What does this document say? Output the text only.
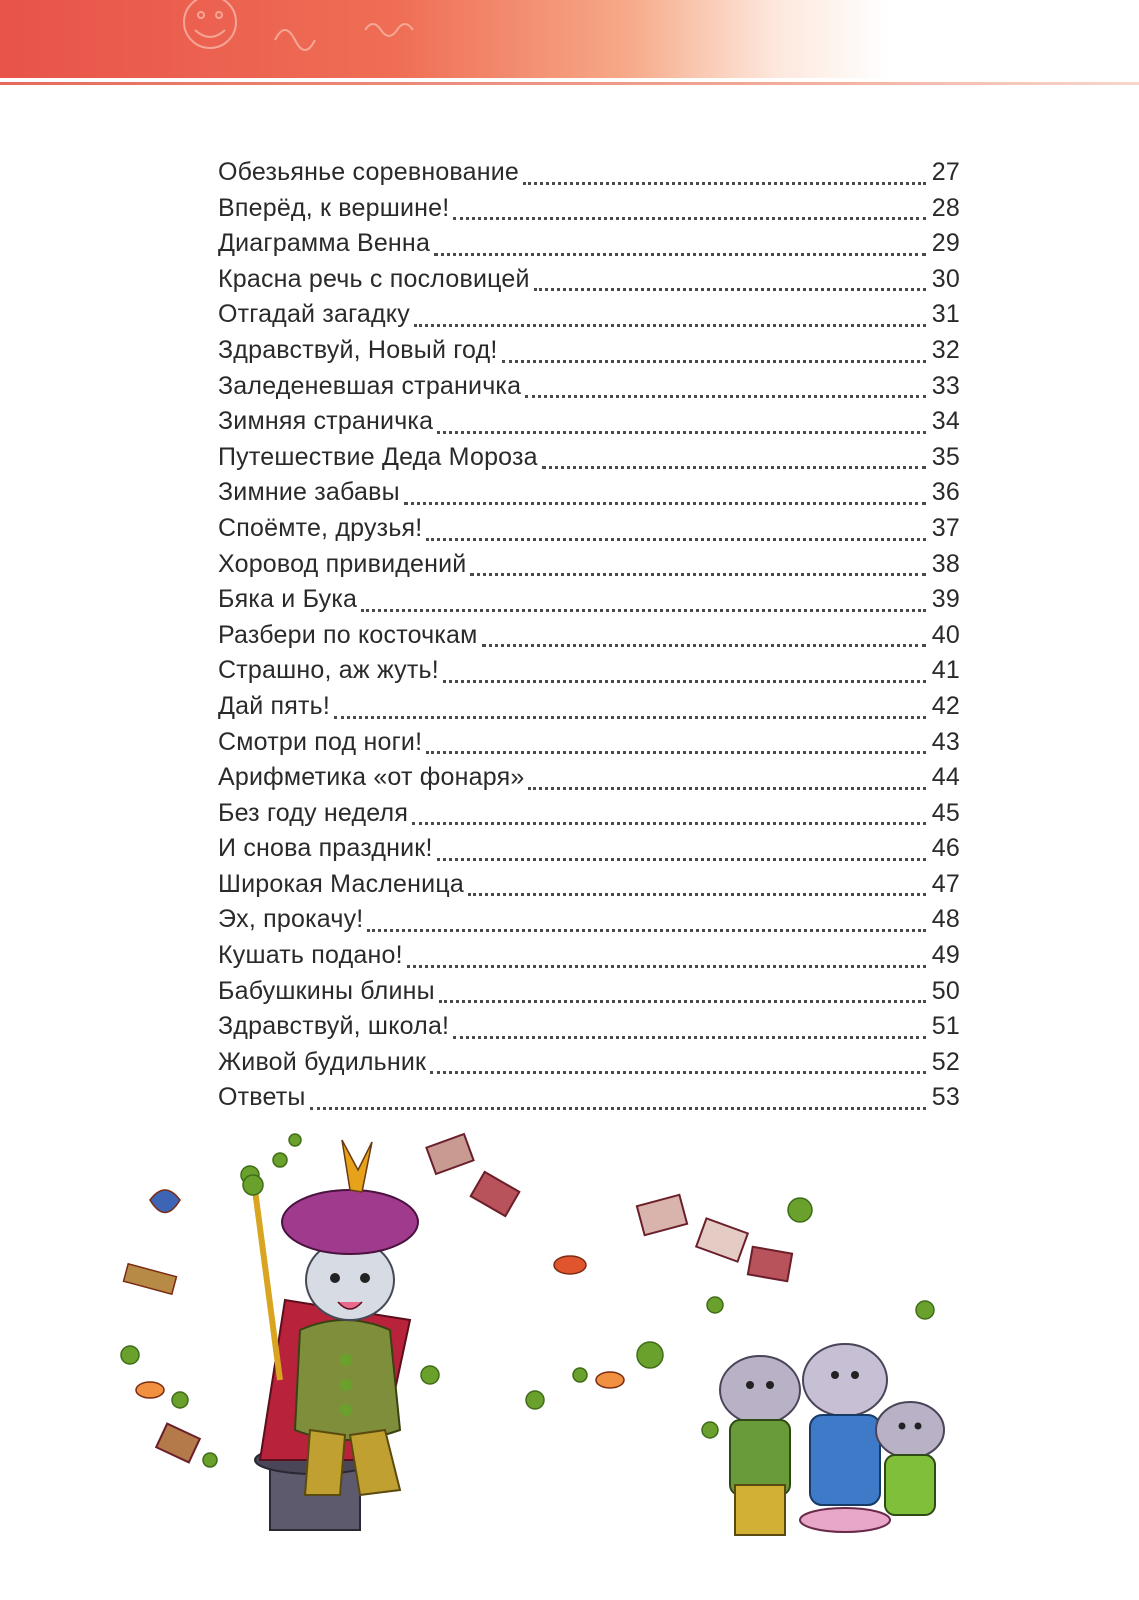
Обезьянье соревнование	27
Вперёд, к вершине!	28
Диаграмма Венна	29
Красна речь с пословицей	30
Отгадай загадку	31
Здравствуй, Новый год!	32
Заледеневшая страничка	33
Зимняя страничка	34
Путешествие Деда Мороза	35
Зимние забавы	36
Споёмте, друзья!	37
Хоровод привидений	38
Бяка и Бука	39
Разбери по косточкам	40
Страшно, аж жуть!	41
Дай пять!	42
Смотри под ноги!	43
Арифметика «от фонаря»	44
Без году неделя	45
И снова праздник!	46
Широкая Масленица	47
Эх, прокачу!	48
Кушать подано!	49
Бабушкины блины	50
Здравствуй, школа!	51
Живой будильник	52
Ответы	53
